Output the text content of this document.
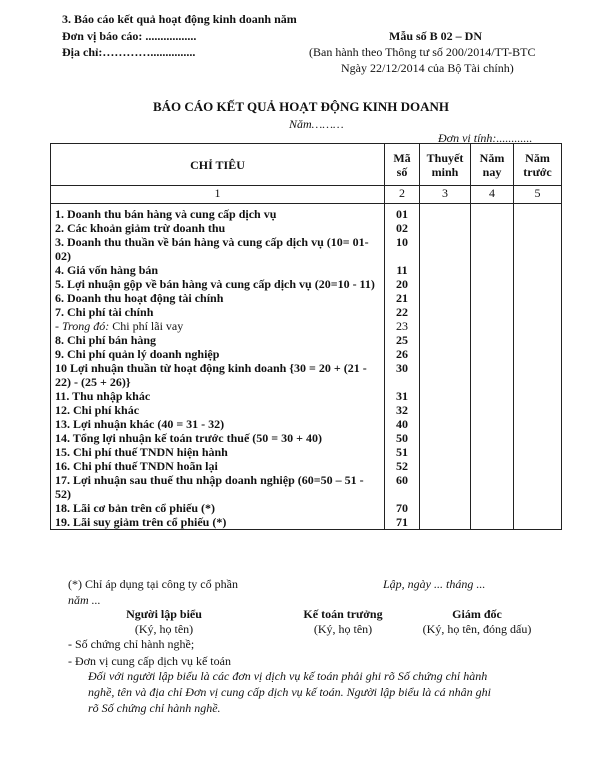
3. Báo cáo kết quả hoạt động kinh doanh năm
Đơn vị báo cáo: .................
Địa chỉ:…………...............
Mẫu số B 02 – DN
(Ban hành theo Thông tư số 200/2014/TT-BTC
Ngày 22/12/2014 của Bộ Tài chính)
BÁO CÁO KẾT QUẢ HOẠT ĐỘNG KINH DOANH
Năm………
Đơn vị tính:............
CHỈ TIÊU	Mã số	Thuyết minh	Năm nay	Năm trước
1	2	3	4	5
1. Doanh thu bán hàng và cung cấp dịch vụ	01			
2. Các khoản giảm trừ doanh thu	02			
3. Doanh thu thuần về bán hàng và cung cấp dịch vụ (10= 01-02)	10			
4. Giá vốn hàng bán	11			
5. Lợi nhuận gộp về bán hàng và cung cấp dịch vụ (20=10 - 11)	20			
6. Doanh thu hoạt động tài chính	21			
7. Chi phí tài chính	22			
- Trong đó: Chi phí lãi vay	23			
8. Chi phí bán hàng	25			
9. Chi phí quản lý doanh nghiệp	26			
10 Lợi nhuận thuần từ hoạt động kinh doanh {30 = 20 + (21 - 22) - (25 + 26)}	30			
11. Thu nhập khác	31			
12. Chi phí khác	32			
13. Lợi nhuận khác (40 = 31 - 32)	40			
14. Tổng lợi nhuận kế toán trước thuế (50 = 30 + 40)	50			
15. Chi phí thuế TNDN hiện hành	51			
16. Chi phí thuế TNDN hoãn lại	52			
17. Lợi nhuận sau thuế thu nhập doanh nghiệp (60=50 – 51 - 52)	60			
18. Lãi cơ bản trên cổ phiếu (*)	70			
19. Lãi suy giảm trên cổ phiếu (*)	71			
(*) Chỉ áp dụng tại công ty cổ phần	Lập, ngày ... tháng ...
năm ...
Người lập biểu
(Ký, họ tên)
Kế toán trưởng
(Ký, họ tên)
Giám đốc
(Ký, họ tên, đóng dấu)
- Số chứng chỉ hành nghề;
- Đơn vị cung cấp dịch vụ kế toán
Đối với người lập biểu là các đơn vị dịch vụ kế toán phải ghi rõ Số chứng chỉ hành
nghề, tên và địa chỉ Đơn vị cung cấp dịch vụ kế toán. Người lập biểu là cá nhân ghi
rõ Số chứng chỉ hành nghề.
